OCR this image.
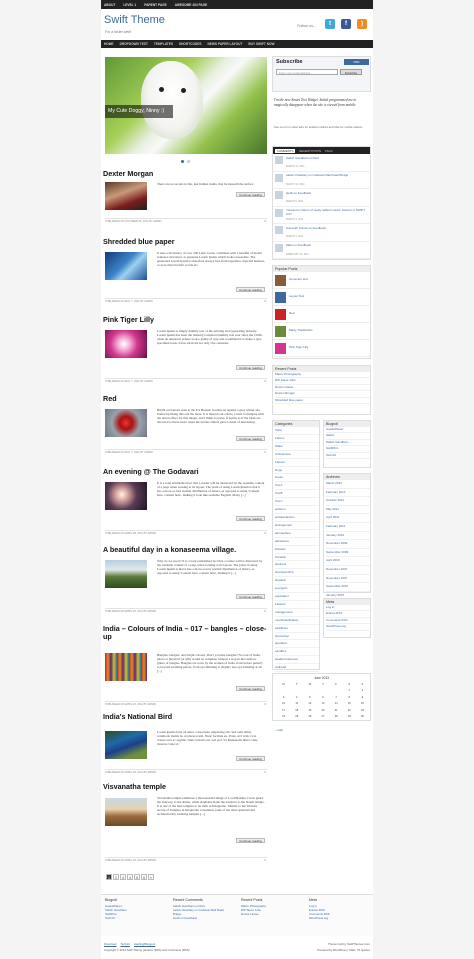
ABOUT	LEVEL 1	PARENT PAGE	AWESOME 404 PAGE
Swift Theme
For a faster web!
Follow us...	t	f	)
HOME DROPDOWN TEST TEMPLATES SHORTCODES NEWS PAPER LAYOUT BUY SWIFT NOW
My Cute Doggy, Ninny :)
Dexter Morgan
There are no secrets in life, just hidden truths, that lie beneath the surface
Continue reading
PUBLISHED ON OCTOBER 26, 2011 BY ADMIN	0
Shredded blue paper
It uses a dictionary of over 200 Latin words, combined with a handful of model sentence structures, to generate Lorem Ipsum which looks reasonable. The generated Lorem Ipsum is therefore always free from repetition, injected humour, or non-characteristic words etc.
Continue reading
PUBLISHED ON MAY 7, 2011 BY ADMIN	0
Pink Tiger Lilly
Lorem Ipsum is simply dummy text of the printing and typesetting industry. Lorem Ipsum has been the industry's standard dummy text ever since the 1500s, when an unknown printer took a galley of type and scrambled it to make a type specimen book. It has survived not only five centuries.
Continue reading
PUBLISHED ON MAY 7, 2011 BY ADMIN	0
Red
Bright red berries seen at the US Botanic Garden set against a grey winter sky. Ended up liking this one the most. It is blurred out a little, I tried to mitigate with the Orton effect for this image, and I think it works. It seems as if the birds are attracted to these more when the berries almost glow is kind of interesting.
Continue reading
PUBLISHED ON MAY 7, 2011 BY ADMIN	0
An evening @ The Godavari
It is a long established fact that a reader will be distracted by the readable content of a page when looking at its layout. The point of using Lorem Ipsum is that it has a more-or-less normal distribution of letters, as opposed to using 'Content here, content here', making it look like readable English. Many [...]
Continue reading
PUBLISHED ON APRIL 28, 2011 BY ADMIN	0
A beautiful day in a konaseema village.
Why do we use it? It is a long established fact that a reader will be distracted by the readable content of a page when looking at its layout. The point of using Lorem Ipsum is that it has a more-or-less normal distribution of letters, as opposed to using 'Content here, content here', making it [...]
Continue reading
PUBLISHED ON APRIL 26, 2011 BY ADMIN	0
India – Colours of India – 017 – bangles – close-up
Bangles, bangles, and bright colours. Don't you like bangles? No tour of India, photo or physical (or gift) would be complete without a stop in the rainbow glitter of bangles. Bangles are worn by the women of India, from before puberty to beyond wedding pieces, from eye-blinding to slightly less eye-blinding at all [...]
Continue reading
PUBLISHED ON APRIL 26, 2011 BY ADMIN	0
India's National Bird
Lorem ipsum dolor sit amet, consectetur adipiscing elit. Sed velit tellus, commodo mattis in, at placerat nisl. Nunc facilisis eu. Proin orci velit, Cras ornare arcu ac sagittis. Nunc lobortis est, sed erat. Ut Malesuada libero vitae rhoncus vitae id.
Continue reading
PUBLISHED ON APRIL 26, 2011 BY ADMIN	0
Visvanatha temple
Visvanatha temple enshrines a three-headed image of Lord Brahma. Lions guard the stairway to the shrine, while elephants flank the entrance to the Nandi temple. It is one of the later temples to be built in Khajuraho. Similar to the Western Group of Temples in Khajuraho constitutes some of the most splendid and architecturally stunning temples [...]
Continue reading
PUBLISHED ON APRIL 26, 2011 BY ADMIN	0
1	2	3	4	5	6	»
Subscribe	RSS
Enter your email address	Subscribe
I'm the new Smart Text Widget. Satish programmed me to magically disappear when the site is viewed from mobile
Use me for to show ad's for desktop visitors and hide for mobile visitors.
COMMENTS	RECENT POSTS TAGS
Satish Gandham on Red
MARCH 13, 2011
satish chowdary on Godavari Rail Road Bridge
MARCH 13, 2011
Heidi on Feedback
MARCH 6, 2011
Youssef on Demo of newly added custom buttons in SWIFT 6.0?
MARCH 4, 2011
Sumanth Kumar on Feedback
MARCH 1, 2011
Mark on Feedback
FEBRUARY 26, 2011
Popular Posts
Comment test
Layout Test
Red
Marty Trackbacks
Pink Tiger Lilly
Recent Posts
Macro Photography
RIP Steve Jobs
Doctor House
Dexter Morgan
Shredded blue paper
Categories
India
Ferries
Water
Architecture
Flames
Dogs
books
Cat A
Cat B
Cat C
actiform
antiquarianism
arrangement
atmosphere
attractions
bobcats
Canada
clarinets
championship
dispatch
energetic
equivalent
Flowers
management
mouthsterilization
paddlines
photoshop
quotation
sandbox
weatherwiseness
wellread
Blogroll
GeeksPlanet
Satish
Satish Gandham
SwiftPics
Tech4U
Archives
March 2013
February 2012
October 2011
May 2011
April 2011
February 2011
January 2010
November 2009
September 2009
April 2009
December 2007
November 2007
September 2007
January 2007
Meta
Log in
Entries RSS
Comments RSS
WordPress.org
June 2013
M	T	W	T	F	S	S
					1	2
3	4	5	6	7	8	9
10	11	12	13	14	15	16
17	18	19	20	21	22	23
24	25	26	27	28	29	30

« Mar
Blogroll
GeeksPlanet
Satish Gandham
SwiftPics
Tech4U
Recent Comments
Satish Gandham on Red
satish chowdary on Godavari Rail Road Bridge
Heidi on Feedback
Recent Posts
Macro Photography
RIP Steve Jobs
Doctor House
Meta
Log in
Entries RSS
Comments RSS
WordPress.org
Download Tech4U HashingBloggers
Copyright © 2013 Swift Theme | Entries (RSS) and Comments (RSS)
Theme built by SwiftThemes.Com
Powered by WordPress | Stats: 75 queries
